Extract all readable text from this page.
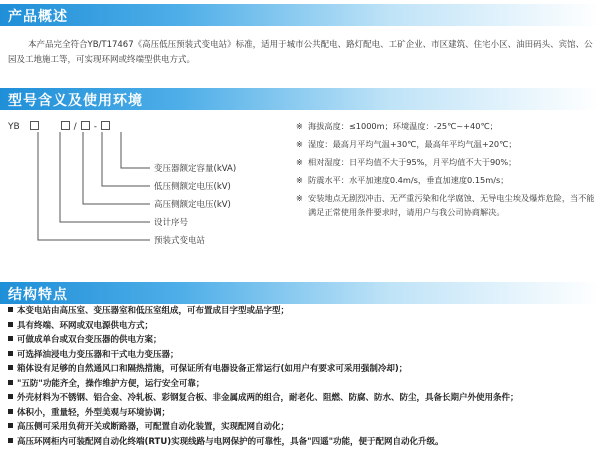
产品概述
本产品完全符合YB/T17467《高压低压预装式变电站》标准，适用于城市公共配电、路灯配电、工矿企业、市区建筑、住宅小区、油田码头、宾馆、公园及工地施工等，可实现环网或终端型供电方式。
型号含义及使用环境
YB	/ -
变压器额定容量(kVA)
低压侧额定电压(kV)
高压侧额定电压(kV)
设计序号
预装式变电站
※ 海拔高度：≤1000m；环境温度：-25℃~+40℃；
※ 湿度：最高月平均气温+30℃，最高年平均气温+20℃；
※ 相对湿度：日平均值不大于95%，月平均值不大于90%；
※ 防震水平：水平加速度0.4m/s，垂直加速度0.15m/s；
※ 安装地点无剧烈冲击、无严重污染和化学腐蚀、无导电尘埃及爆炸危险，当不能满足正常使用条件要求时，请用户与我公司协商解决。
结构特点
本变电站由高压室、变压器室和低压室组成，可布置成目字型或品字型；
具有终端、环网或双电源供电方式；
可做成单台或双台变压器的供电方案；
可选择油浸电力变压器和干式电力变压器；
箱体设有足够的自然通风口和隔热措施，可保证所有电器设备正常运行(如用户有要求可采用强制冷却)；
"五防"功能齐全，操作维护方便，运行安全可靠；
外壳材料为不锈钢、铝合金、冷轧板、彩钢复合板、非金属成两的组合，耐老化、阻燃、防腐、防水、防尘，具备长期户外使用条件；
体积小，重量轻，外型美观与环境协调；
高压侧可采用负荷开关或断路器，可配置自动化装置，实现配网自动化；
高压环网柜内可装配网自动化终端(RTU)实现线路与电网保护的可靠性，具备"四遥"功能，便于配网自动化升级。
